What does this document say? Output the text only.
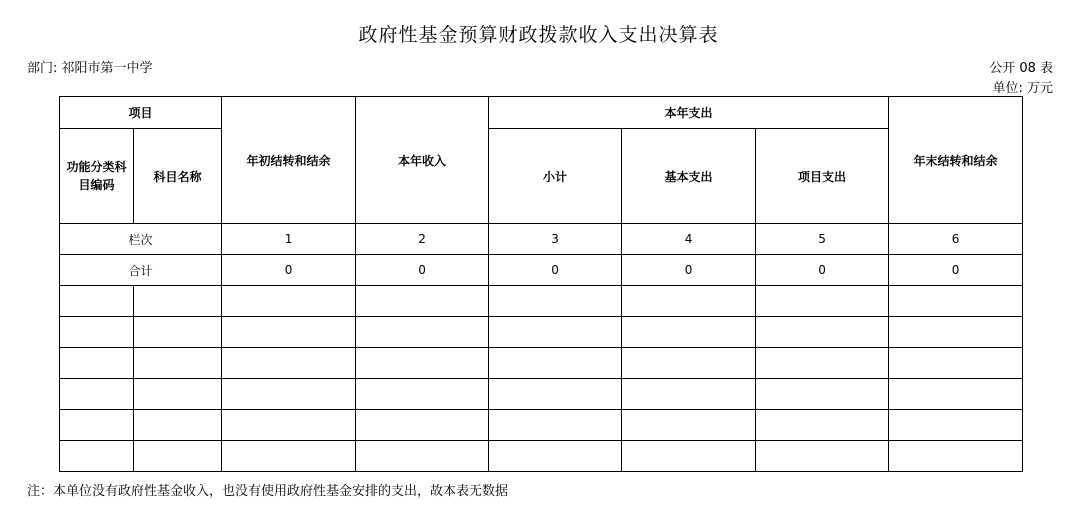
政府性基金预算财政拨款收入支出决算表
部门: 祁阳市第一中学	公开 08 表
单位: 万元
项目		年初结转和结余	本年收入	本年支出			年末结转和结余
功能分类科目编码	科目名称			小计	基本支出	项目支出	
栏次		1	2	3	4	5	6
合计		0	0	0	0	0	0

注：本单位没有政府性基金收入，也没有使用政府性基金安排的支出，故本表无数据
